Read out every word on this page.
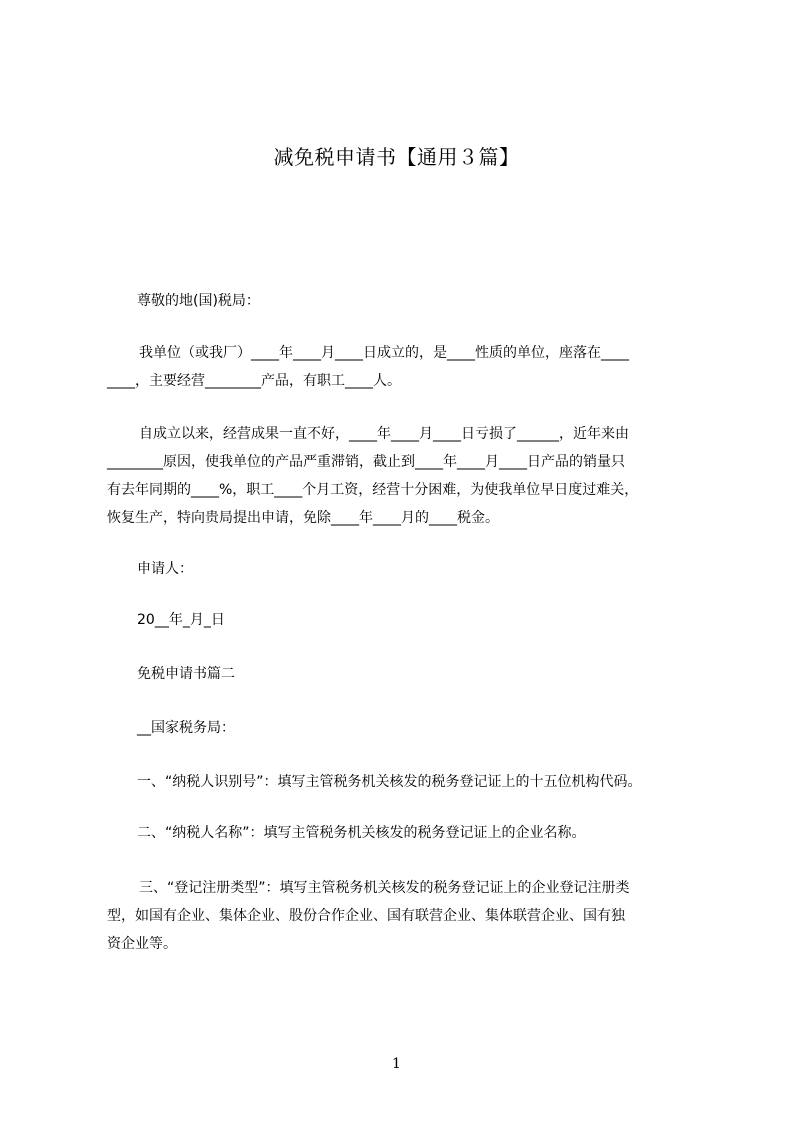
减免税申请书【通用３篇】
尊敬的地(国)税局：
我单位（或我厂）____年____月____日成立的，是____性质的单位，座落在____
____，主要经营________产品，有职工____人。
自成立以来，经营成果一直不好，____年____月____日亏损了______，近年来由
________原因，使我单位的产品严重滞销，截止到____年____月____日产品的销量只
有去年同期的____%，职工____个月工资，经营十分困难，为使我单位早日度过难关，
恢复生产，特向贵局提出申请，免除____年____月的____税金。
申请人：
20__年_月_日
免税申请书篇二
__国家税务局：
一、“纳税人识别号”：填写主管税务机关核发的税务登记证上的十五位机构代码。
二、“纳税人名称”：填写主管税务机关核发的税务登记证上的企业名称。
三、“登记注册类型”：填写主管税务机关核发的税务登记证上的企业登记注册类
型，如国有企业、集体企业、股份合作企业、国有联营企业、集体联营企业、国有独
资企业等。
1
